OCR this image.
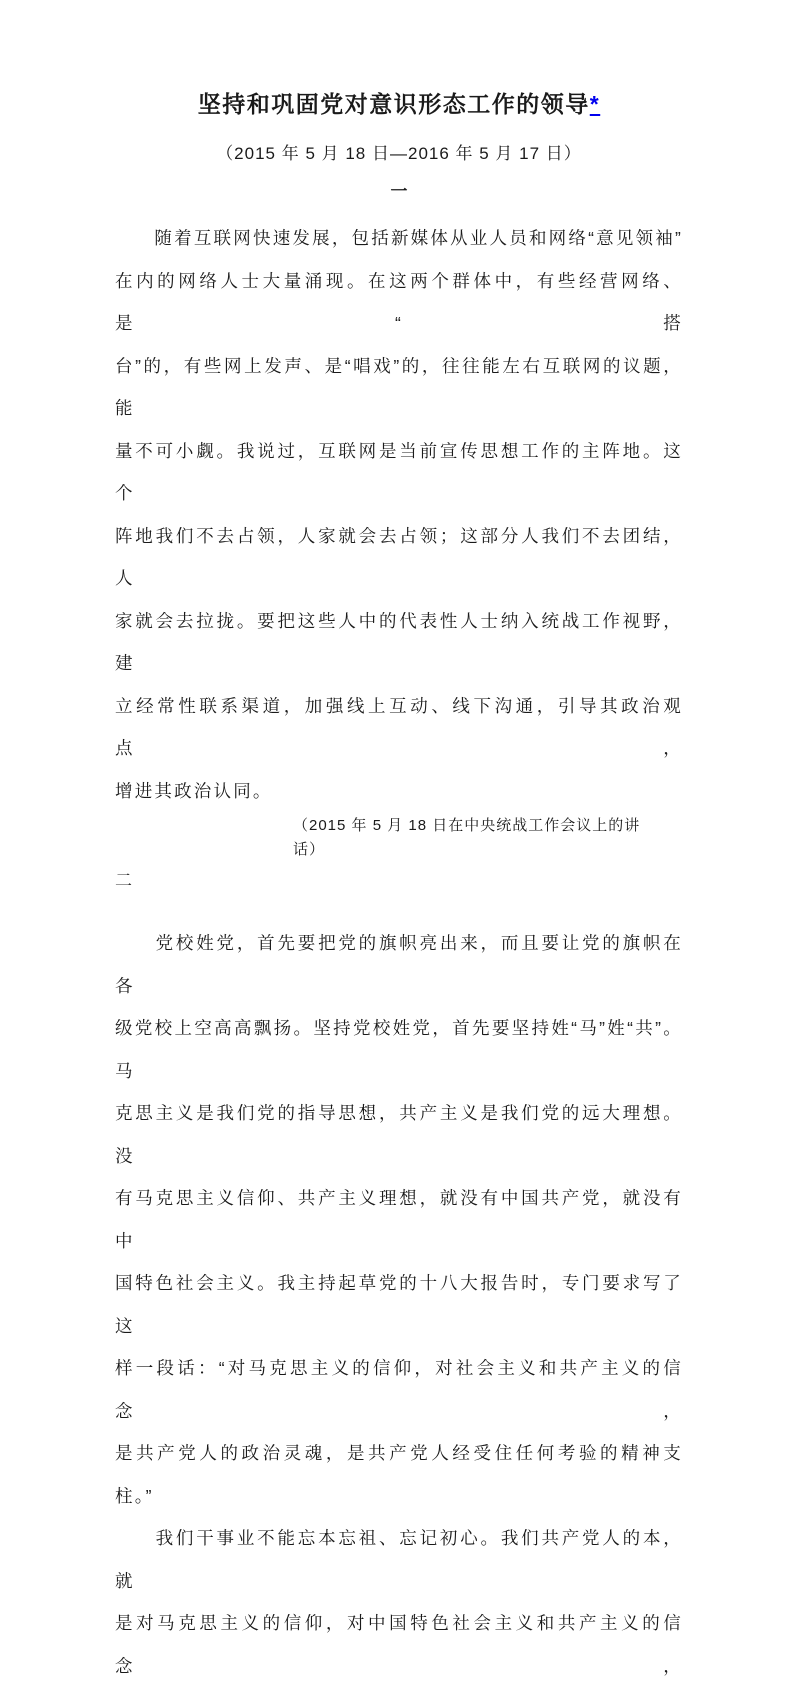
坚持和巩固党对意识形态工作的领导*
（2015 年 5 月 18 日—2016 年 5 月 17 日）
一
　　随着互联网快速发展，包括新媒体从业人员和网络“意见领袖”
在内的网络人士大量涌现。在这两个群体中，有些经营网络、是“搭
台”的，有些网上发声、是“唱戏”的，往往能左右互联网的议题，能
量不可小觑。我说过，互联网是当前宣传思想工作的主阵地。这个
阵地我们不去占领，人家就会去占领；这部分人我们不去团结，人
家就会去拉拢。要把这些人中的代表性人士纳入统战工作视野，建
立经常性联系渠道，加强线上互动、线下沟通，引导其政治观点，
增进其政治认同。
（2015 年 5 月 18 日在中央统战工作会议上的讲
话）
二
　　党校姓党，首先要把党的旗帜亮出来，而且要让党的旗帜在各
级党校上空高高飘扬。坚持党校姓党，首先要坚持姓“马”姓“共”。马
克思主义是我们党的指导思想，共产主义是我们党的远大理想。没
有马克思主义信仰、共产主义理想，就没有中国共产党，就没有中
国特色社会主义。我主持起草党的十八大报告时，专门要求写了这
样一段话：“对马克思主义的信仰，对社会主义和共产主义的信念，
是共产党人的政治灵魂，是共产党人经受住任何考验的精神支柱。”
　　我们干事业不能忘本忘祖、忘记初心。我们共产党人的本，就
是对马克思主义的信仰，对中国特色社会主义和共产主义的信念，
